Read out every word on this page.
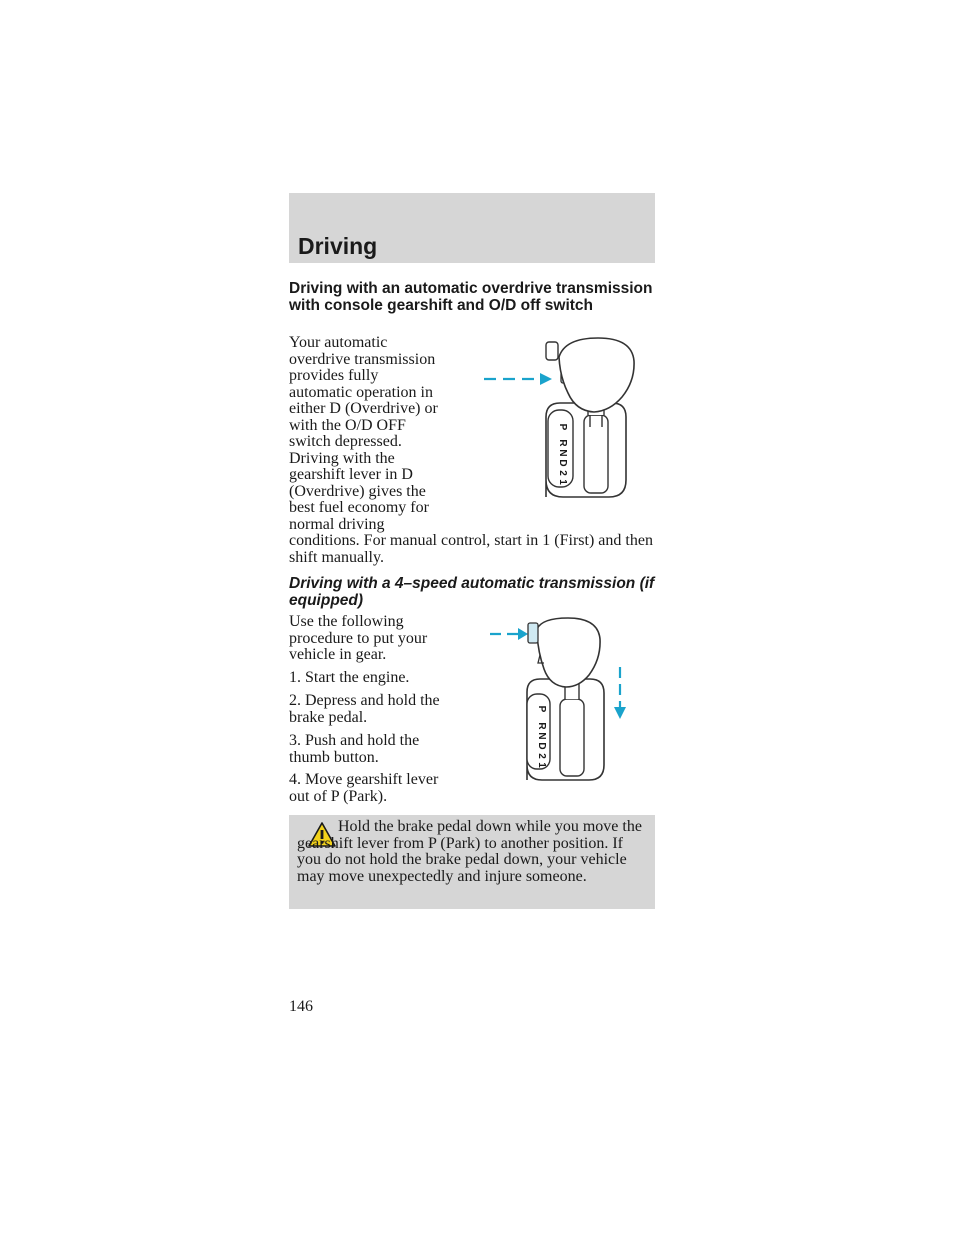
Driving
Driving with an automatic overdrive transmission with console gearshift and O/D off switch
Your automatic
overdrive transmission
provides fully
automatic operation in
either D (Overdrive) or
with the O/D OFF
switch depressed.
Driving with the
gearshift lever in D
(Overdrive) gives the
best fuel economy for
normal driving

conditions. For manual control, start in 1 (First) and then shift manually.

P
R
N
D
2
1
Driving with a 4–speed automatic transmission (if equipped)

Use the following procedure to put your vehicle in gear.

1. Start the engine.

2. Depress and hold the brake pedal.

3. Push and hold the thumb button.

4. Move gearshift lever out of P (Park).

P
R
N
D
2
1

Hold the brake pedal down while you move the gearshift lever from P (Park) to another position. If you do not hold the brake pedal down, your vehicle may move unexpectedly and injure someone.

146
